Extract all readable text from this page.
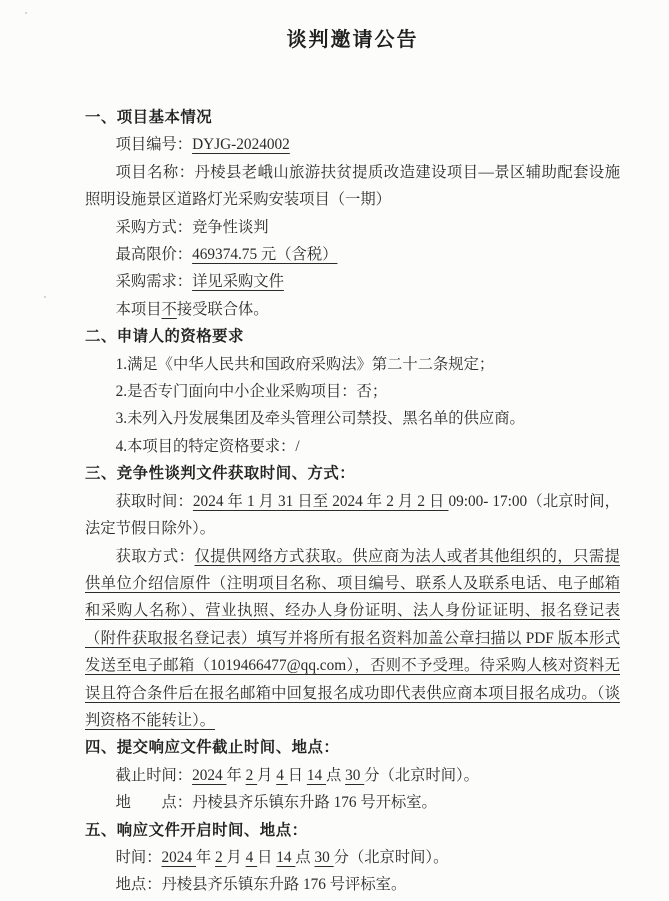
谈判邀请公告
一、项目基本情况

项目编号：DYJG-2024002

项目名称：丹棱县老峨山旅游扶贫提质改造建设项目—景区辅助配套设施照明设施景区道路灯光采购安装项目（一期）

采购方式：竞争性谈判

最高限价：469374.75 元（含税）

采购需求：详见采购文件

本项目不接受联合体。

二、申请人的资格要求

1.满足《中华人民共和国政府采购法》第二十二条规定；

2.是否专门面向中小企业采购项目：否；

3.未列入丹发展集团及牵头管理公司禁投、黑名单的供应商。

4.本项目的特定资格要求：/

三、竞争性谈判文件获取时间、方式：

获取时间：2024 年 1 月 31 日至 2024 年 2 月 2 日 09:00- 17:00（北京时间，法定节假日除外）。

获取方式：仅提供网络方式获取。供应商为法人或者其他组织的，只需提供单位介绍信原件（注明项目名称、项目编号、联系人及联系电话、电子邮箱和采购人名称）、营业执照、经办人身份证明、法人身份证证明、报名登记表（附件获取报名登记表）填写并将所有报名资料加盖公章扫描以 PDF 版本形式发送至电子邮箱（1019466477@qq.com），否则不予受理。待采购人核对资料无误且符合条件后在报名邮箱中回复报名成功即代表供应商本项目报名成功。（谈判资格不能转让）。

四、提交响应文件截止时间、地点：

截止时间：2024 年 2 月 4 日 14 点 30 分（北京时间）。

地　　点：丹棱县齐乐镇东升路 176 号开标室。

五、响应文件开启时间、地点：

时间：2024 年 2 月 4 日 14 点 30 分（北京时间）。

地点：丹棱县齐乐镇东升路 176 号评标室。
